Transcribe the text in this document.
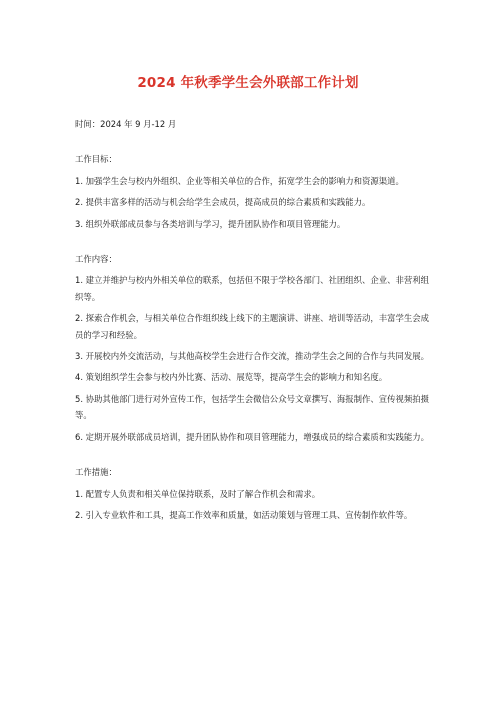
2024 年秋季学生会外联部工作计划

时间：2024 年 9 月-12 月

工作目标：

1. 加强学生会与校内外组织、企业等相关单位的合作，拓宽学生会的影响力和资源渠道。

2. 提供丰富多样的活动与机会给学生会成员，提高成员的综合素质和实践能力。

3. 组织外联部成员参与各类培训与学习，提升团队协作和项目管理能力。

工作内容：

1. 建立并维护与校内外相关单位的联系，包括但不限于学校各部门、社团组织、企业、非营利组织等。

2. 探索合作机会，与相关单位合作组织线上线下的主题演讲、讲座、培训等活动，丰富学生会成员的学习和经验。

3. 开展校内外交流活动，与其他高校学生会进行合作交流，推动学生会之间的合作与共同发展。

4. 策划组织学生会参与校内外比赛、活动、展览等，提高学生会的影响力和知名度。

5. 协助其他部门进行对外宣传工作，包括学生会微信公众号文章撰写、海报制作、宣传视频拍摄等。

6. 定期开展外联部成员培训，提升团队协作和项目管理能力，增强成员的综合素质和实践能力。

工作措施：

1. 配置专人负责和相关单位保持联系，及时了解合作机会和需求。

2. 引入专业软件和工具，提高工作效率和质量，如活动策划与管理工具、宣传制作软件等。
